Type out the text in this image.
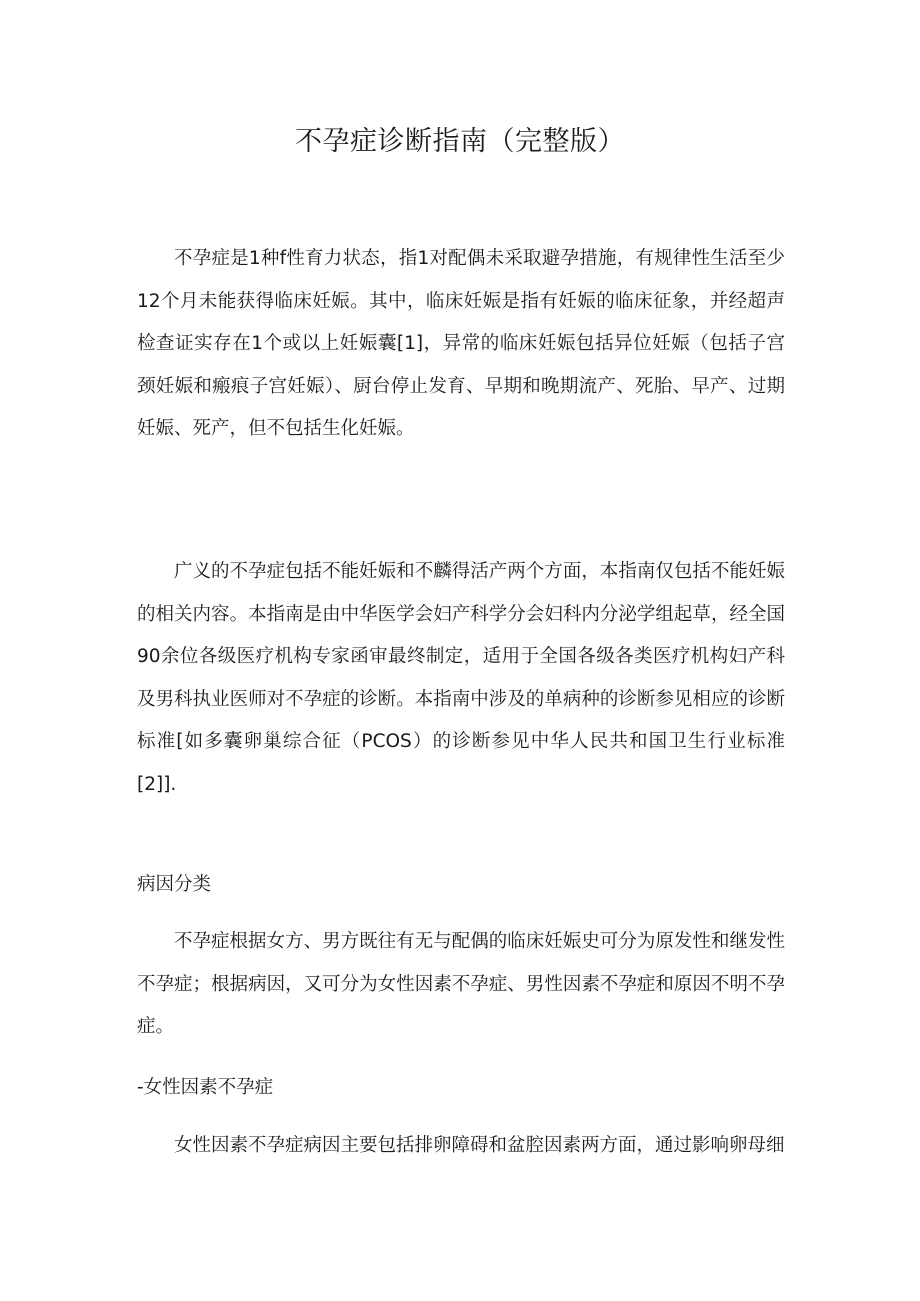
不孕症诊断指南（完整版）

不孕症是1种f性育力状态，指1对配偶未采取避孕措施，有规律性生活至少12个月未能获得临床妊娠。其中，临床妊娠是指有妊娠的临床征象，并经超声检查证实存在1个或以上妊娠囊[1]，异常的临床妊娠包括异位妊娠（包括子宫颈妊娠和瘢痕子宫妊娠）、厨台停止发育、早期和晚期流产、死胎、早产、过期妊娠、死产，但不包括生化妊娠。

广义的不孕症包括不能妊娠和不麟得活产两个方面，本指南仅包括不能妊娠的相关内容。本指南是由中华医学会妇产科学分会妇科内分泌学组起草，经全国90余位各级医疗机构专家函审最终制定，适用于全国各级各类医疗机构妇产科及男科执业医师对不孕症的诊断。本指南中涉及的单病种的诊断参见相应的诊断标准[如多囊卵巢综合征（PCOS）的诊断参见中华人民共和国卫生行业标准[2]].

病因分类

不孕症根据女方、男方既往有无与配偶的临床妊娠史可分为原发性和继发性不孕症；根据病因，又可分为女性因素不孕症、男性因素不孕症和原因不明不孕症。

-女性因素不孕症

女性因素不孕症病因主要包括排卵障碍和盆腔因素两方面，通过影响卵母细
